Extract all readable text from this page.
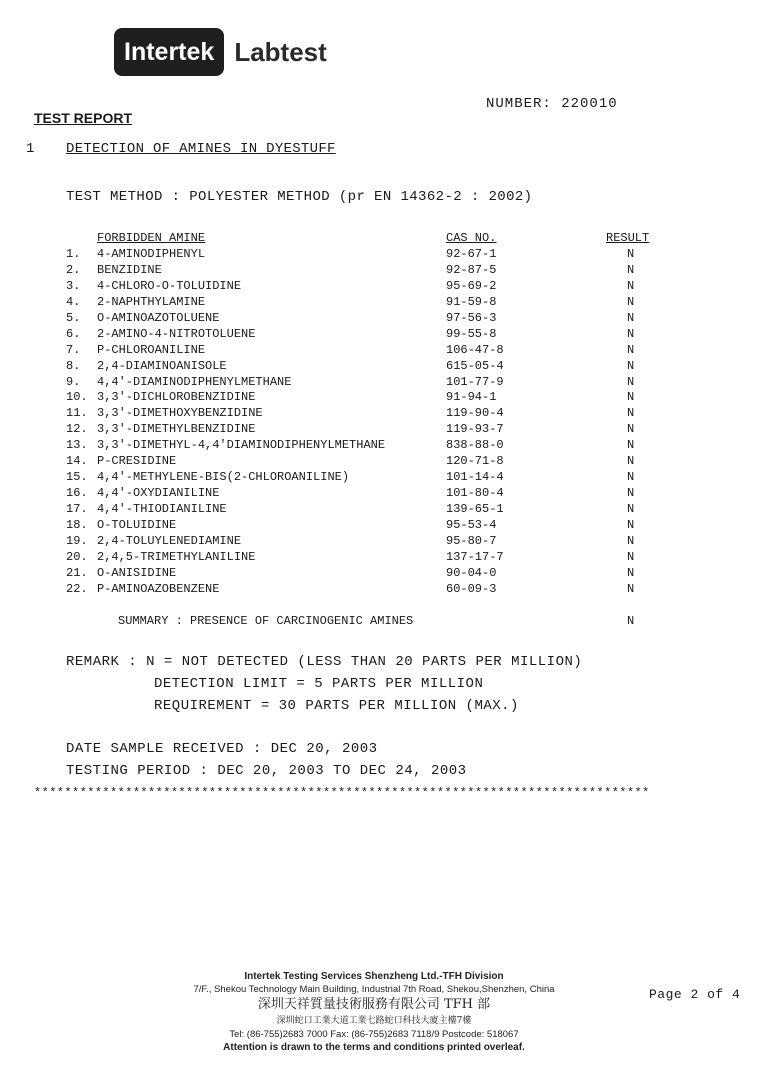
Intertek Labtest
NUMBER: 220010
TEST REPORT
1 DETECTION OF AMINES IN DYESTUFF
TEST METHOD : POLYESTER METHOD (pr EN 14362-2 : 2002)
FORBIDDEN AMINE	CAS NO.	RESULT
1. 4-AMINODIPHENYL	92-67-1	N
2. BENZIDINE	92-87-5	N
3. 4-CHLORO-O-TOLUIDINE	95-69-2	N
4. 2-NAPHTHYLAMINE	91-59-8	N
5. O-AMINOAZOTOLUENE	97-56-3	N
6. 2-AMINO-4-NITROTOLUENE	99-55-8	N
7. P-CHLOROANILINE	106-47-8	N
8. 2,4-DIAMINOANISOLE	615-05-4	N
9. 4,4'-DIAMINODIPHENYLMETHANE	101-77-9	N
10. 3,3'-DICHLOROBENZIDINE	91-94-1	N
11. 3,3'-DIMETHOXYBENZIDINE	119-90-4	N
12. 3,3'-DIMETHYLBENZIDINE	119-93-7	N
13. 3,3'-DIMETHYL-4,4'DIAMINODIPHENYLMETHANE	838-88-0	N
14. P-CRESIDINE	120-71-8	N
15. 4,4'-METHYLENE-BIS(2-CHLOROANILINE)	101-14-4	N
16. 4,4'-OXYDIANILINE	101-80-4	N
17. 4,4'-THIODIANILINE	139-65-1	N
18. O-TOLUIDINE	95-53-4	N
19. 2,4-TOLUYLENEDIAMINE	95-80-7	N
20. 2,4,5-TRIMETHYLANILINE	137-17-7	N
21. O-ANISIDINE	90-04-0	N
22. P-AMINOAZOBENZENE	60-09-3	N
SUMMARY : PRESENCE OF CARCINOGENIC AMINES	N
REMARK : N = NOT DETECTED (LESS THAN 20 PARTS PER MILLION)
DETECTION LIMIT = 5 PARTS PER MILLION
REQUIREMENT = 30 PARTS PER MILLION (MAX.)
DATE SAMPLE RECEIVED : DEC 20, 2003
TESTING PERIOD : DEC 20, 2003 TO DEC 24, 2003
*********************************************************************************
Intertek Testing Services Shenzheng Ltd.-TFH Division
7/F., Shekou Technology Main Building, Industrial 7th Road, Shekou,Shenzhen, China
深圳天祥質量技術服務有限公司 TFH 部
深圳蛇口工業大道工業七路蛇口科技大廈主樓7樓
Tel: (86-755)2683 7000 Fax: (86-755)2683 7118/9 Postcode: 518067
Attention is drawn to the terms and conditions printed overleaf.
Page 2 of 4
